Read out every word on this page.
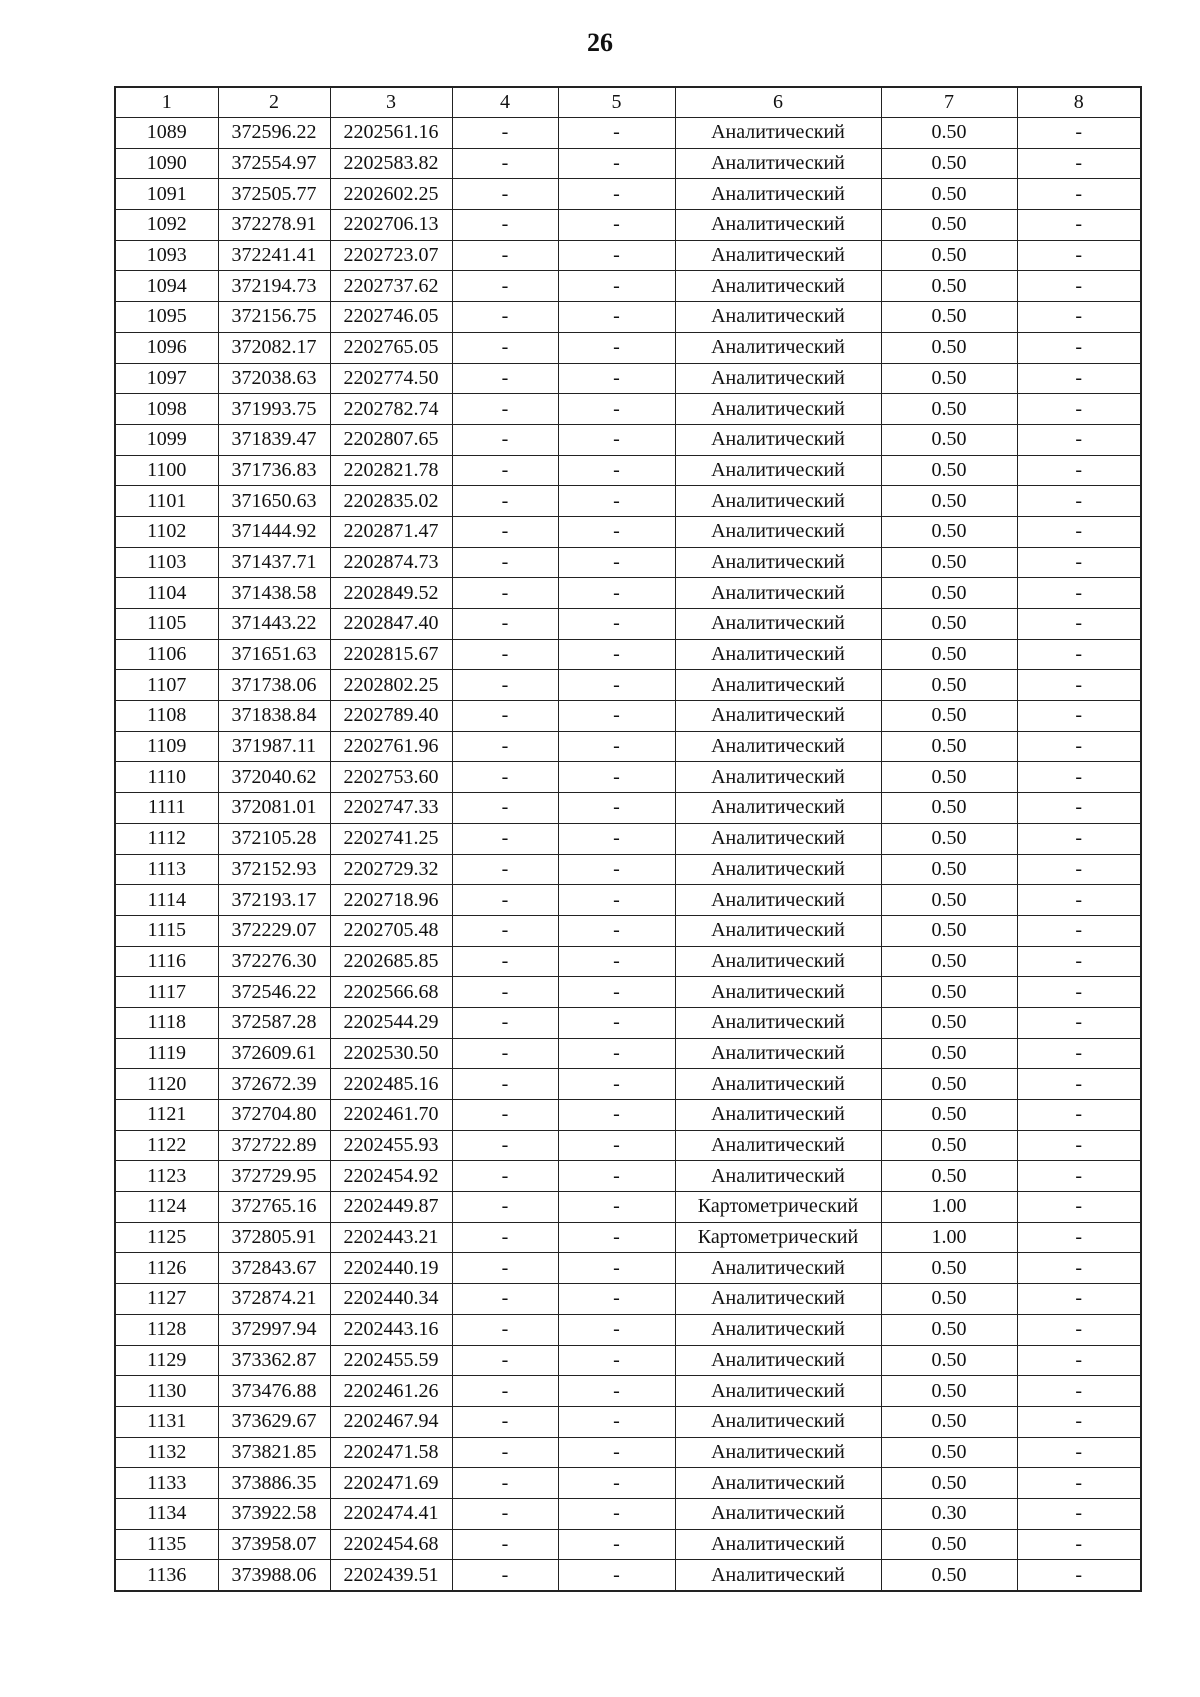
26
1	2	3	4	5	6	7	8
1089	372596.22	2202561.16	-	-	Аналитический	0.50	-
1090	372554.97	2202583.82	-	-	Аналитический	0.50	-
1091	372505.77	2202602.25	-	-	Аналитический	0.50	-
1092	372278.91	2202706.13	-	-	Аналитический	0.50	-
1093	372241.41	2202723.07	-	-	Аналитический	0.50	-
1094	372194.73	2202737.62	-	-	Аналитический	0.50	-
1095	372156.75	2202746.05	-	-	Аналитический	0.50	-
1096	372082.17	2202765.05	-	-	Аналитический	0.50	-
1097	372038.63	2202774.50	-	-	Аналитический	0.50	-
1098	371993.75	2202782.74	-	-	Аналитический	0.50	-
1099	371839.47	2202807.65	-	-	Аналитический	0.50	-
1100	371736.83	2202821.78	-	-	Аналитический	0.50	-
1101	371650.63	2202835.02	-	-	Аналитический	0.50	-
1102	371444.92	2202871.47	-	-	Аналитический	0.50	-
1103	371437.71	2202874.73	-	-	Аналитический	0.50	-
1104	371438.58	2202849.52	-	-	Аналитический	0.50	-
1105	371443.22	2202847.40	-	-	Аналитический	0.50	-
1106	371651.63	2202815.67	-	-	Аналитический	0.50	-
1107	371738.06	2202802.25	-	-	Аналитический	0.50	-
1108	371838.84	2202789.40	-	-	Аналитический	0.50	-
1109	371987.11	2202761.96	-	-	Аналитический	0.50	-
1110	372040.62	2202753.60	-	-	Аналитический	0.50	-
1111	372081.01	2202747.33	-	-	Аналитический	0.50	-
1112	372105.28	2202741.25	-	-	Аналитический	0.50	-
1113	372152.93	2202729.32	-	-	Аналитический	0.50	-
1114	372193.17	2202718.96	-	-	Аналитический	0.50	-
1115	372229.07	2202705.48	-	-	Аналитический	0.50	-
1116	372276.30	2202685.85	-	-	Аналитический	0.50	-
1117	372546.22	2202566.68	-	-	Аналитический	0.50	-
1118	372587.28	2202544.29	-	-	Аналитический	0.50	-
1119	372609.61	2202530.50	-	-	Аналитический	0.50	-
1120	372672.39	2202485.16	-	-	Аналитический	0.50	-
1121	372704.80	2202461.70	-	-	Аналитический	0.50	-
1122	372722.89	2202455.93	-	-	Аналитический	0.50	-
1123	372729.95	2202454.92	-	-	Аналитический	0.50	-
1124	372765.16	2202449.87	-	-	Картометрический	1.00	-
1125	372805.91	2202443.21	-	-	Картометрический	1.00	-
1126	372843.67	2202440.19	-	-	Аналитический	0.50	-
1127	372874.21	2202440.34	-	-	Аналитический	0.50	-
1128	372997.94	2202443.16	-	-	Аналитический	0.50	-
1129	373362.87	2202455.59	-	-	Аналитический	0.50	-
1130	373476.88	2202461.26	-	-	Аналитический	0.50	-
1131	373629.67	2202467.94	-	-	Аналитический	0.50	-
1132	373821.85	2202471.58	-	-	Аналитический	0.50	-
1133	373886.35	2202471.69	-	-	Аналитический	0.50	-
1134	373922.58	2202474.41	-	-	Аналитический	0.30	-
1135	373958.07	2202454.68	-	-	Аналитический	0.50	-
1136	373988.06	2202439.51	-	-	Аналитический	0.50	-
